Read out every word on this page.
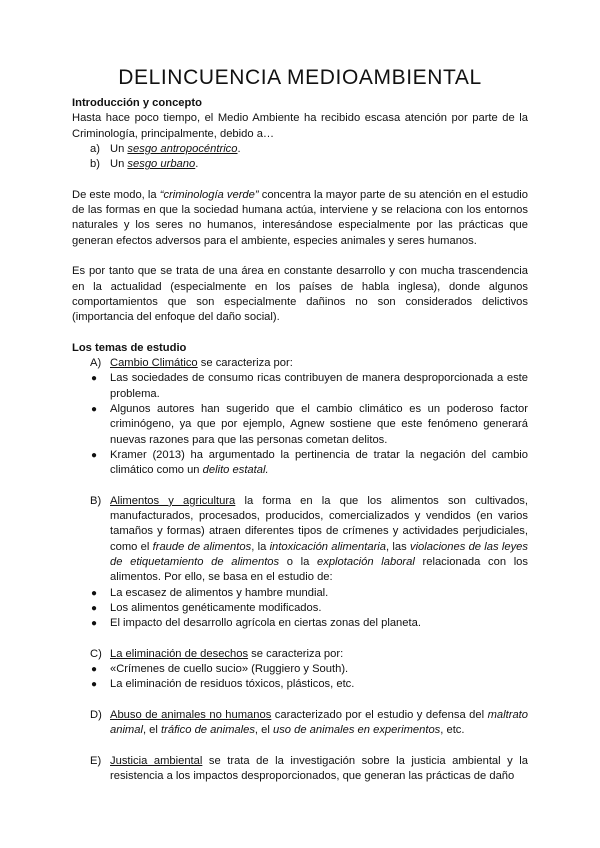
DELINCUENCIA MEDIOAMBIENTAL
Introducción y concepto

Hasta hace poco tiempo, el Medio Ambiente ha recibido escasa atención por parte de la Criminología, principalmente, debido a…

a) Un sesgo antropocéntrico.
b) Un sesgo urbano.

De este modo, la “criminología verde” concentra la mayor parte de su atención en el estudio de las formas en que la sociedad humana actúa, interviene y se relaciona con los entornos naturales y los seres no humanos, interesándose especialmente por las prácticas que generan efectos adversos para el ambiente, especies animales y seres humanos.

Es por tanto que se trata de una área en constante desarrollo y con mucha trascendencia en la actualidad (especialmente en los países de habla inglesa), donde algunos comportamientos que son especialmente dañinos no son considerados delictivos (importancia del enfoque del daño social).

Los temas de estudio
A) Cambio Climático se caracteriza por:
● Las sociedades de consumo ricas contribuyen de manera desproporcionada a este problema.
● Algunos autores han sugerido que el cambio climático es un poderoso factor criminógeno, ya que por ejemplo, Agnew sostiene que este fenómeno generará nuevas razones para que las personas cometan delitos.
● Kramer (2013) ha argumentado la pertinencia de tratar la negación del cambio climático como un delito estatal.
B) Alimentos y agricultura la forma en la que los alimentos son cultivados, manufacturados, procesados, producidos, comercializados y vendidos (en varios tamaños y formas) atraen diferentes tipos de crímenes y actividades perjudiciales, como el fraude de alimentos, la intoxicación alimentaria, las violaciones de las leyes de etiquetamiento de alimentos o la explotación laboral relacionada con los alimentos. Por ello, se basa en el estudio de:
● La escasez de alimentos y hambre mundial.
● Los alimentos genéticamente modificados.
● El impacto del desarrollo agrícola en ciertas zonas del planeta.
C) La eliminación de desechos se caracteriza por:
● «Crímenes de cuello sucio» (Ruggiero y South).
● La eliminación de residuos tóxicos, plásticos, etc.
D) Abuso de animales no humanos caracterizado por el estudio y defensa del maltrato animal, el tráfico de animales, el uso de animales en experimentos, etc.
E) Justicia ambiental se trata de la investigación sobre la justicia ambiental y la resistencia a los impactos desproporcionados, que generan las prácticas de daño
